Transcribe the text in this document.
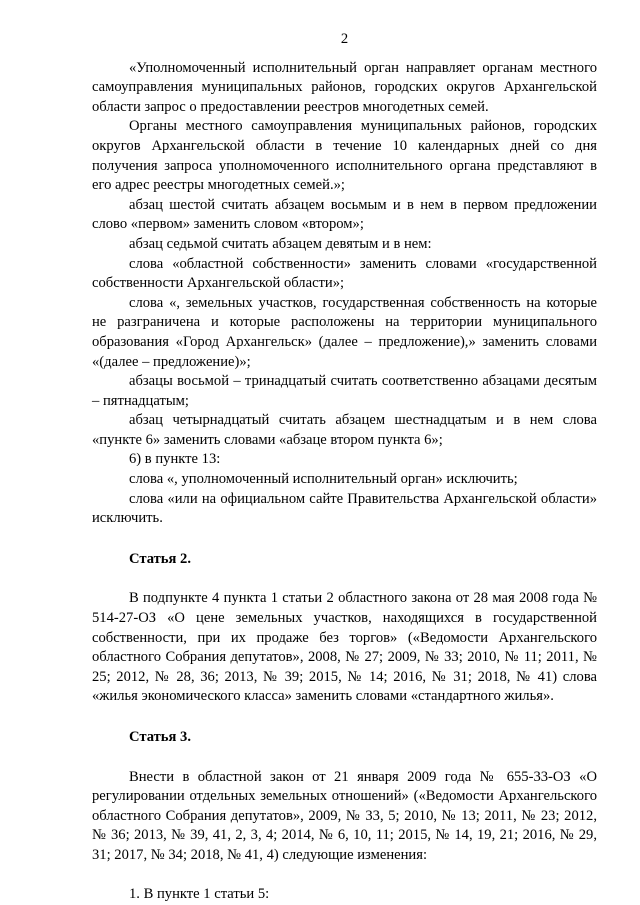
2

«Уполномоченный исполнительный орган направляет органам местного самоуправления муниципальных районов, городских округов Архангельской области запрос о предоставлении реестров многодетных семей.

Органы местного самоуправления муниципальных районов, городских округов Архангельской области в течение 10 календарных дней со дня получения запроса уполномоченного исполнительного органа представляют в его адрес реестры многодетных семей.»;

абзац шестой считать абзацем восьмым и в нем в первом предложении слово «первом» заменить словом «втором»;

абзац седьмой считать абзацем девятым и в нем:

слова «областной собственности» заменить словами «государственной собственности Архангельской области»;

слова «, земельных участков, государственная собственность на которые не разграничена и которые расположены на территории муниципального образования «Город Архангельск» (далее – предложение),» заменить словами «(далее – предложение)»;

абзацы восьмой – тринадцатый считать соответственно абзацами десятым – пятнадцатым;

абзац четырнадцатый считать абзацем шестнадцатым и в нем слова «пункте 6» заменить словами «абзаце втором пункта 6»;

6) в пункте 13:

слова «, уполномоченный исполнительный орган» исключить;

слова «или на официальном сайте Правительства Архангельской области» исключить.

Статья 2.

В подпункте 4 пункта 1 статьи 2 областного закона от 28 мая 2008 года № 514-27-ОЗ «О цене земельных участков, находящихся в государственной собственности, при их продаже без торгов» («Ведомости Архангельского областного Собрания депутатов», 2008, № 27; 2009, № 33; 2010, № 11; 2011, № 25; 2012, № 28, 36; 2013, № 39; 2015, № 14; 2016, № 31; 2018, № 41) слова «жилья экономического класса» заменить словами «стандартного жилья».

Статья 3.

Внести в областной закон от 21 января 2009 года № 655-33-ОЗ «О регулировании отдельных земельных отношений» («Ведомости Архангельского областного Собрания депутатов», 2009, № 33, 5; 2010, № 13; 2011, № 23; 2012, № 36; 2013, № 39, 41, 2, 3, 4; 2014, № 6, 10, 11; 2015, № 14, 19, 21; 2016, № 29, 31; 2017, № 34; 2018, № 41, 4) следующие изменения:

1. В пункте 1 статьи 5:
